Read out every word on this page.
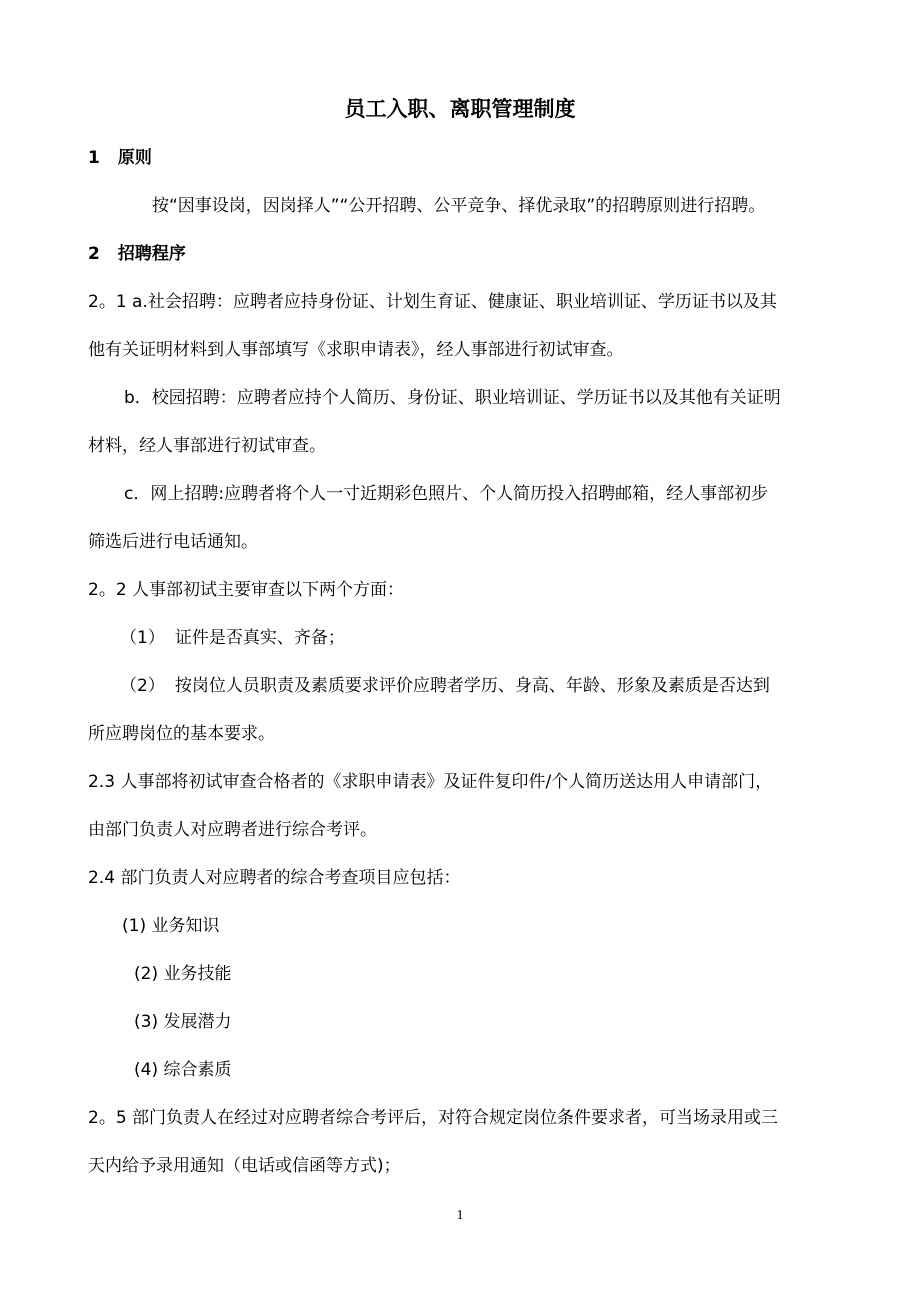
员工入职、离职管理制度
1 原则
按“因事设岗，因岗择人”“公开招聘、公平竞争、择优录取”的招聘原则进行招聘。
2 招聘程序
2。1 a.社会招聘：应聘者应持身份证、计划生育证、健康证、职业培训证、学历证书以及其
他有关证明材料到人事部填写《求职申请表》，经人事部进行初试审查。
b．校园招聘：应聘者应持个人简历、身份证、职业培训证、学历证书以及其他有关证明
材料，经人事部进行初试审查。
c．网上招聘:应聘者将个人一寸近期彩色照片、个人简历投入招聘邮箱，经人事部初步
筛选后进行电话通知。
2。2 人事部初试主要审查以下两个方面：
（1） 证件是否真实、齐备；
（2） 按岗位人员职责及素质要求评价应聘者学历、身高、年龄、形象及素质是否达到
所应聘岗位的基本要求。
2.3 人事部将初试审查合格者的《求职申请表》及证件复印件/个人简历送达用人申请部门，
由部门负责人对应聘者进行综合考评。
2.4 部门负责人对应聘者的综合考查项目应包括：
(1) 业务知识
(2) 业务技能
(3) 发展潜力
(4) 综合素质
2。5 部门负责人在经过对应聘者综合考评后，对符合规定岗位条件要求者，可当场录用或三
天内给予录用通知（电话或信函等方式)；
1
